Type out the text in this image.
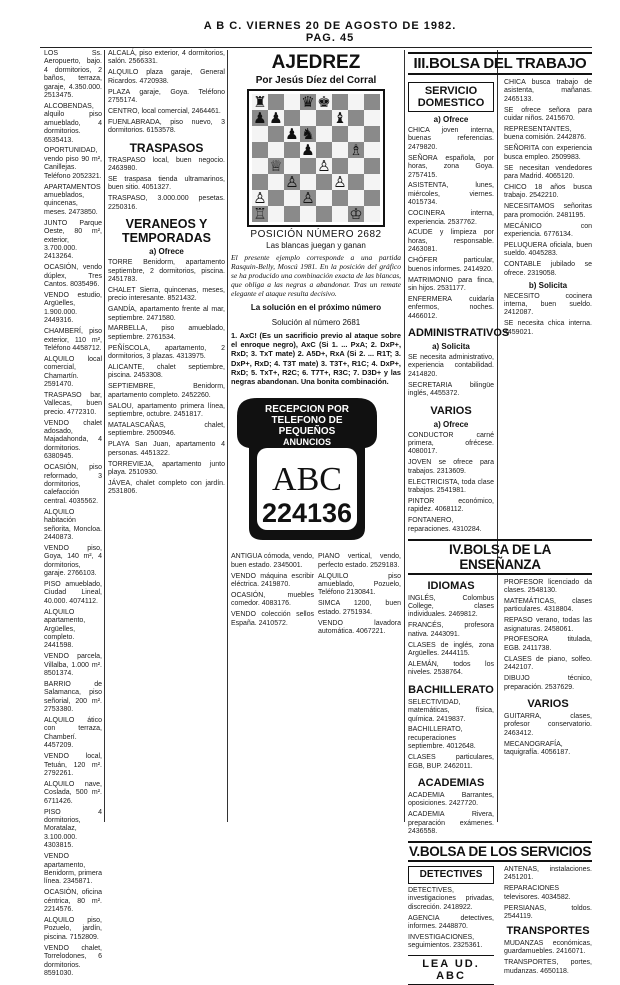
A B C. VIERNES 20 DE AGOSTO DE 1982. PAG. 45

LOS Ss. Aeropuerto, bajo. 4 dormitorios, 2 baños, terraza, garaje, 4.350.000. 2513475.

ALCOBENDAS, alquilo piso amueblado, 4 dormitorios. 6535413.

OPORTUNIDAD, vendo piso 90 m², Canillejas. Teléfono 2052321.

APARTAMENTOS amueblados, quincenas, meses. 2473850.

JUNTO Parque Oeste, 80 m², exterior, 3.700.000. 2413264.

OCASIÓN, vendo dúplex, Tres Cantos. 8035496.

VENDO estudio, Argüelles, 1.900.000. 2449316.

CHAMBERÍ, piso exterior, 110 m², Teléfono 4458712.

ALQUILO local comercial, Chamartín. 2591470.

TRASPASO bar, Vallecas, buen precio. 4772310.

VENDO chalet adosado, Majadahonda, 4 dormitorios. 6380945.

OCASIÓN, piso reformado, 3 dormitorios, calefacción central. 4035562.

ALQUILO habitación señorita, Moncloa. 2440873.

VENDO piso, Goya, 140 m², 4 dormitorios, garaje. 2766103.

PISO amueblado, Ciudad Lineal, 40.000. 4074112.

ALQUILO apartamento, Argüelles, completo. 2441598.

VENDO parcela, Villalba, 1.000 m². 8501374.

BARRIO de Salamanca, piso señorial, 200 m². 2753380.

ALQUILO ático con terraza, Chamberí. 4457209.

VENDO local, Tetuán, 120 m². 2792261.

ALQUILO nave, Coslada, 500 m². 6711426.

PISO 4 dormitorios, Moratalaz, 3.100.000. 4303815.

VENDO apartamento, Benidorm, primera línea. 2345871.

OCASIÓN, oficina céntrica, 80 m². 2214576.

ALQUILO piso, Pozuelo, jardín, piscina. 7152809.

VENDO chalet, Torrelodones, 6 dormitorios. 8591030.

ALCALÁ, piso exterior, 4 dormitorios, salón. 2566331.

ALQUILO plaza garaje, General Ricardos. 4720938.

PLAZA garaje, Goya. Teléfono 2755174.

CENTRO, local comercial, 2464461.

FUENLABRADA, piso nuevo, 3 dormitorios. 6153578.

TRASPASOS

TRASPASO local, buen negocio. 2463980.

SE traspasa tienda ultramarinos, buen sitio. 4051327.

TRASPASO, 3.000.000 pesetas. 2250316.

VERANEOS Y TEMPORADAS
a) Ofrece

TORRE Benidorm, apartamento septiembre, 2 dormitorios, piscina. 2451783.

CHALET Sierra, quincenas, meses, precio interesante. 8521432.

GANDÍA, apartamento frente al mar, septiembre. 2471580.

MARBELLA, piso amueblado, septiembre. 2761534.

PEÑÍSCOLA, apartamento, 2 dormitorios, 3 plazas. 4313975.

ALICANTE, chalet septiembre, piscina. 2453308.

SEPTIEMBRE, Benidorm, apartamento completo. 2452260.

SALOU, apartamento primera línea, septiembre, octubre. 2451817.

MATALASCAÑAS, chalet, septiembre. 2500946.

PLAYA San Juan, apartamento 4 personas. 4451322.

TORREVIEJA, apartamento junto playa. 2510930.

JÁVEA, chalet completo con jardín. 2531806.

AJEDREZ
Por Jesús Díez del Corral
♛ ♚
♜
♟ ♟	♝
♟ ♞
♟ ♗
♕ ♙
♙
♙ ♙
♙
♖	♔
POSICIÓN NÚMERO 2682
Las blancas juegan y ganan

El presente ejemplo corresponde a una partida Rasquin-Belly, Moscú 1981. En la posición del gráfico se ha producido una combinación exacta de las blancas, que obliga a las negras a abandonar. Tras un remate elegante el ataque resulta decisivo.

La solución en el próximo número
Solución al número 2681

1. AxC! (Es un sacrificio previo al ataque sobre el enroque negro), AxC (Si 1. ... PxA; 2. DxP+, RxD; 3. TxT mate) 2. A5D+, RxA (Si 2. ... R1T; 3. DxP+, RxD; 4. T3T mate) 3. T3T+, R1C; 4. DxP+, RxD; 5. TxT+, R2C; 6. T7T+, R3C; 7. D3D+ y las negras abandonan. Una bonita combinación.

RECEPCION POR
TELEFONO DE
PEQUEÑOS
ANUNCIOS
ABC
224136

ANTIGUA cómoda, vendo, buen estado. 2345001.

VENDO máquina escribir eléctrica. 2419870.

OCASIÓN, muebles comedor. 4083176.

VENDO colección sellos España. 2410572.

PIANO vertical, vendo, perfecto estado. 2529183.

ALQUILO piso amueblado, Pozuelo, Teléfono 2130841.

SIMCA 1200, buen estado. 2751934.

VENDO lavadora automática. 4067221.

III.BOLSA DEL TRABAJO
SERVICIO DOMESTICO
a) Ofrece

CHICA joven interna, buenas referencias. 2479820.

SEÑORA española, por horas, zona Goya. 2757415.

ASISTENTA, lunes, miércoles, viernes. 4015734.

COCINERA interna, experiencia. 2537762.

ACUDE y limpieza por horas, responsable. 2463081.

CHÓFER particular, buenos informes. 2414920.

MATRIMONIO para finca, sin hijos. 2531177.

ENFERMERA cuidaría enfermos, noches. 4466012.

ADMINISTRATIVOS
a) Solicita

SE necesita administrativo, experiencia contabilidad. 2414820.

SECRETARIA bilingüe inglés, 4455372.

VARIOS
a) Ofrece

CONDUCTOR carné primera, ofrécese. 4080017.

JOVEN se ofrece para trabajos. 2313609.

ELECTRICISTA, toda clase trabajos. 2541981.

PINTOR económico, rapidez. 4068112.

FONTANERO, reparaciones. 4310284.

CHICA busca trabajo de asistenta, mañanas. 2465133.

SE ofrece señora para cuidar niños. 2415670.

REPRESENTANTES, buena comisión. 2442876.

SEÑORITA con experiencia busca empleo. 2509983.

SE necesitan vendedores para Madrid. 4065120.

CHICO 18 años busca trabajo. 2542210.

NECESITAMOS señoritas para promoción. 2481195.

MECÁNICO con experiencia. 6776134.

PELUQUERA oficiala, buen sueldo. 4045283.

CONTABLE jubilado se ofrece. 2319058.

b) Solicita

NECESITO cocinera interna, buen sueldo. 2412087.

SE necesita chica interna. 4459021.

IV.BOLSA DE LA ENSEÑANZA
IDIOMAS

INGLÉS, Colombus College, clases individuales. 2469812.

FRANCÉS, profesora nativa. 2443091.

CLASES de inglés, zona Argüelles. 2444115.

ALEMÁN, todos los niveles. 2538764.

BACHILLERATO

SELECTIVIDAD, matemáticas, física, química. 2419837.

BACHILLERATO, recuperaciones septiembre. 4012648.

CLASES particulares, EGB, BUP. 2462011.

ACADEMIAS

ACADEMIA Barrantes, oposiciones. 2427720.

ACADEMIA Rivera, preparación exámenes. 2436558.

PROFESOR licenciado da clases. 2548130.

MATEMÁTICAS, clases particulares. 4318804.

REPASO verano, todas las asignaturas. 2458061.

PROFESORA titulada, EGB. 2411738.

CLASES de piano, solfeo. 2442107.

DIBUJO técnico, preparación. 2537629.

VARIOS

GUITARRA, clases, profesor conservatorio. 2463412.

MECANOGRAFÍA, taquigrafía. 4056187.

V.BOLSA DE LOS SERVICIOS
DETECTIVES

DETECTIVES, investigaciones privadas, discreción. 2418922.

AGENCIA detectives, informes. 2448870.

INVESTIGACIONES, seguimientos. 2325361.

LEA UD. ABC

ANTENAS, instalaciones. 2451201.

REPARACIONES televisores. 4034582.

PERSIANAS, toldos. 2544119.

TRANSPORTES

MUDANZAS económicas, guardamuebles. 2416071.

TRANSPORTES, portes, mudanzas. 4650118.
